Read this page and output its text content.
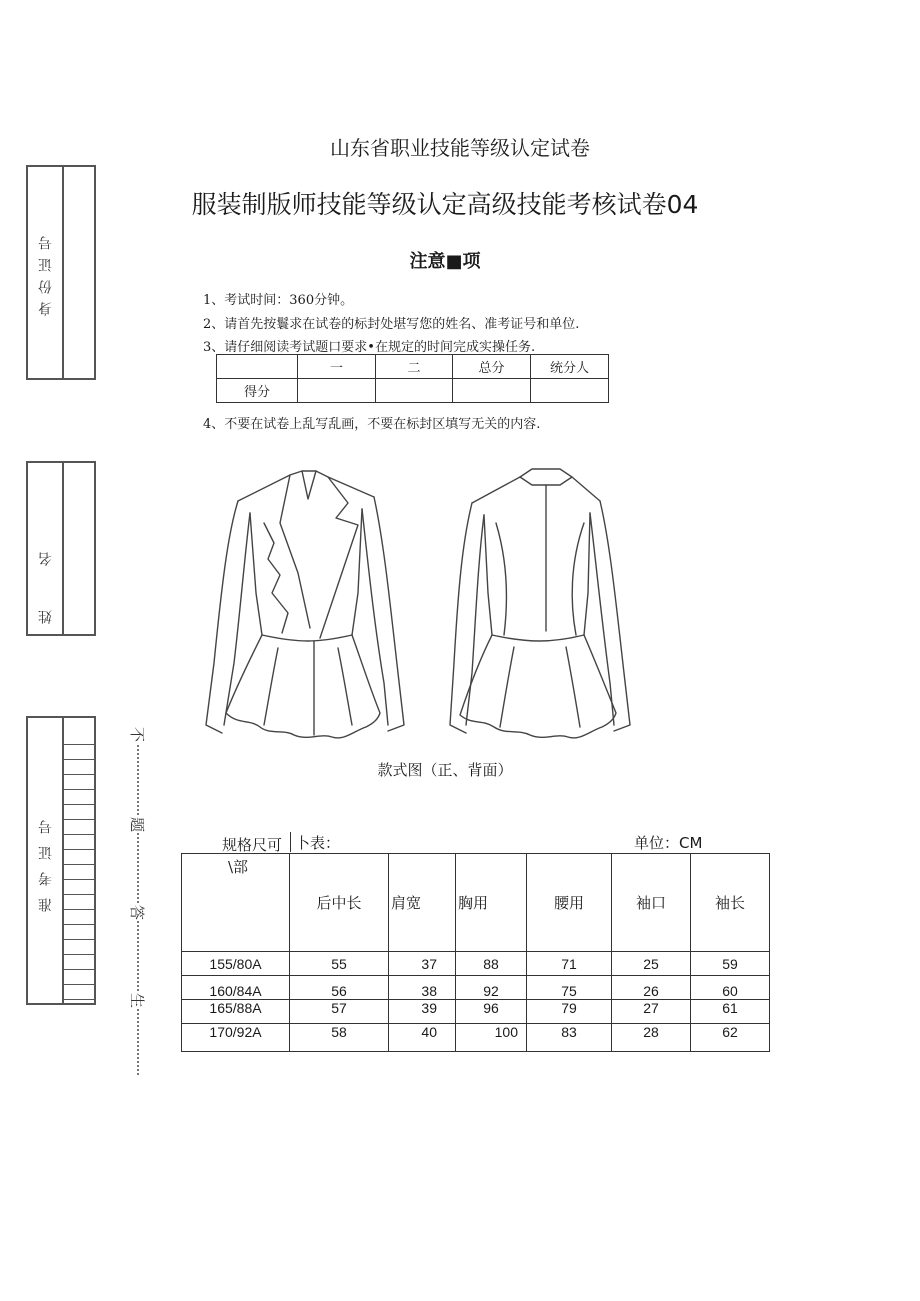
身份证号
姓名
准考证号
不
题
答
生
山东省职业技能等级认定试卷
服装制版师技能等级认定高级技能考核试卷04
注意■项
1、考试时间：360分钟。
2、请首先按鬟求在试卷的标封处堪写您的姓名、准考证号和单位.
3、请仔细阅读考试题口要求•在规定的时间完成实操任务.
	一	二	总分	统分人
得分				
4、不要在试卷上乱写乱画，不要在标封区填写无关的内容.
款式图（正、背面）
规格尺可 卜表：	单位：CM
\部	后中长	肩宽	胸用	腰用	袖口	袖长
155/80A	55	37	88	71	25	59
160/84A	56	38	92	75	26	60
165/88A	57	39	96	79	27	61
170/92A	58	40	100	83	28	62
